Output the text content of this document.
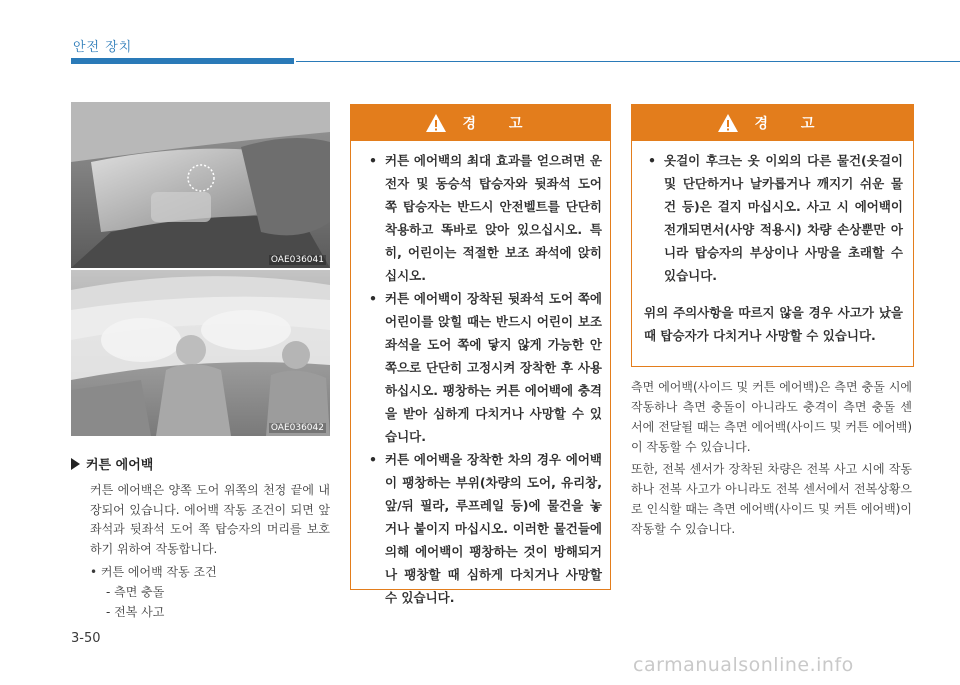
안전 장치
OAE036041
OAE036042
커튼 에어백
커튼 에어백은 양쪽 도어 위쪽의 천정 끝에 내장되어 있습니다. 에어백 작동 조건이 되면 앞좌석과 뒷좌석 도어 쪽 탑승자의 머리를 보호하기 위하여 작동합니다.
• 커튼 에어백 작동 조건
- 측면 충돌
- 전복 사고
3-50
경 고
• 커튼 에어백의 최대 효과를 얻으려면 운전자 및 동승석 탑승자와 뒷좌석 도어 쪽 탑승자는 반드시 안전벨트를 단단히 착용하고 똑바로 앉아 있으십시오. 특히, 어린이는 적절한 보조 좌석에 앉히십시오.
• 커튼 에어백이 장착된 뒷좌석 도어 쪽에 어린이를 앉힐 때는 반드시 어린이 보조 좌석을 도어 쪽에 닿지 않게 가능한 안쪽으로 단단히 고정시켜 장착한 후 사용하십시오. 팽창하는 커튼 에어백에 충격을 받아 심하게 다치거나 사망할 수 있습니다.
• 커튼 에어백을 장착한 차의 경우 에어백이 팽창하는 부위(차량의 도어, 유리창, 앞/뒤 필라, 루프레일 등)에 물건을 놓거나 붙이지 마십시오. 이러한 물건들에 의해 에어백이 팽창하는 것이 방해되거나 팽창할 때 심하게 다치거나 사망할 수 있습니다.
경 고
• 옷걸이 후크는 옷 이외의 다른 물건(옷걸이 및 단단하거나 날카롭거나 깨지기 쉬운 물건 등)은 걸지 마십시오. 사고 시 에어백이 전개되면서(사양 적용시) 차량 손상뿐만 아니라 탑승자의 부상이나 사망을 초래할 수 있습니다.
위의 주의사항을 따르지 않을 경우 사고가 났을 때 탑승자가 다치거나 사망할 수 있습니다.
측면 에어백(사이드 및 커튼 에어백)은 측면 충돌 시에 작동하나 측면 충돌이 아니라도 충격이 측면 충돌 센서에 전달될 때는 측면 에어백(사이드 및 커튼 에어백)이 작동할 수 있습니다.
또한, 전복 센서가 장착된 차량은 전복 사고 시에 작동하나 전복 사고가 아니라도 전복 센서에서 전복상황으로 인식할 때는 측면 에어백(사이드 및 커튼 에어백)이 작동할 수 있습니다.
carmanualsonline.info
